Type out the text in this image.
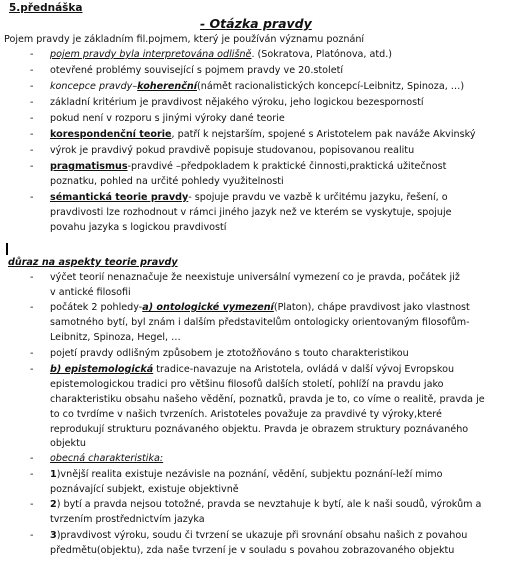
5.přednáška
- Otázka pravdy
Pojem pravdy je základním fil.pojmem, který je používán významu poznání
- pojem pravdy byla interpretována odlišně. (Sokratova, Platónova, atd.)
- otevřené problémy související s pojmem pravdy ve 20.století
- koncepce pravdy–koherenční(námět racionalistických koncepcí-Leibnitz, Spinoza, …)
- základní kritérium je pravdivost nějakého výroku, jeho logickou bezesporností
- pokud není v rozporu s jinými výroky dané teorie
- korespondenční teorie, patří k nejstarším, spojené s Aristotelem pak naváže Akvinský
- výrok je pravdivý pokud pravdivě popisuje studovanou, popisovanou realitu
- pragmatismus-pravdivé –předpokladem k praktické činnosti,praktická užitečnost
poznatku, pohled na určité pohledy využitelnosti
- sémantická teorie pravdy- spojuje pravdu ve vazbě k určitému jazyku, řešení, o
pravdivosti lze rozhodnout v rámci jiného jazyk než ve kterém se vyskytuje, spojuje
povahu jazyka s logickou pravdivostí
důraz na aspekty teorie pravdy
- výčet teorií nenaznačuje že neexistuje universální vymezení co je pravda, počátek již
v antické filosofii
- počátek 2 pohledy-a) ontologické vymezení(Platon), chápe pravdivost jako vlastnost
samotného bytí, byl znám i dalším představitelům ontologicky orientovaným filosofům-
Leibnitz, Spinoza, Hegel, …
- pojetí pravdy odlišným způsobem je ztotožňováno s touto charakteristikou
- b) epistemologická tradice-navazuje na Aristotela, ovládá v další vývoj Evropskou
epistemologickou tradici pro většinu filosofů dalších století, pohlíží na pravdu jako
charakteristiku obsahu našeho vědění, poznatků, pravda je to, co víme o realitě, pravda je
to co tvrdíme v našich tvrzeních. Aristoteles považuje za pravdivé ty výroky,které
reprodukují strukturu poznávaného objektu. Pravda je obrazem struktury poznávaného
objektu
- obecná charakteristika:
- 1)vnější realita existuje nezávisle na poznání, vědění, subjektu poznání-leží mimo
poznávající subjekt, existuje objektivně
- 2) bytí a pravda nejsou totožné, pravda se nevztahuje k bytí, ale k naši soudů, výrokům a
tvrzením prostřednictvím jazyka
- 3)pravdivost výroku, soudu či tvrzení se ukazuje při srovnání obsahu našich z povahou
předmětu(objektu), zda naše tvrzení je v souladu s povahou zobrazovaného objektu
